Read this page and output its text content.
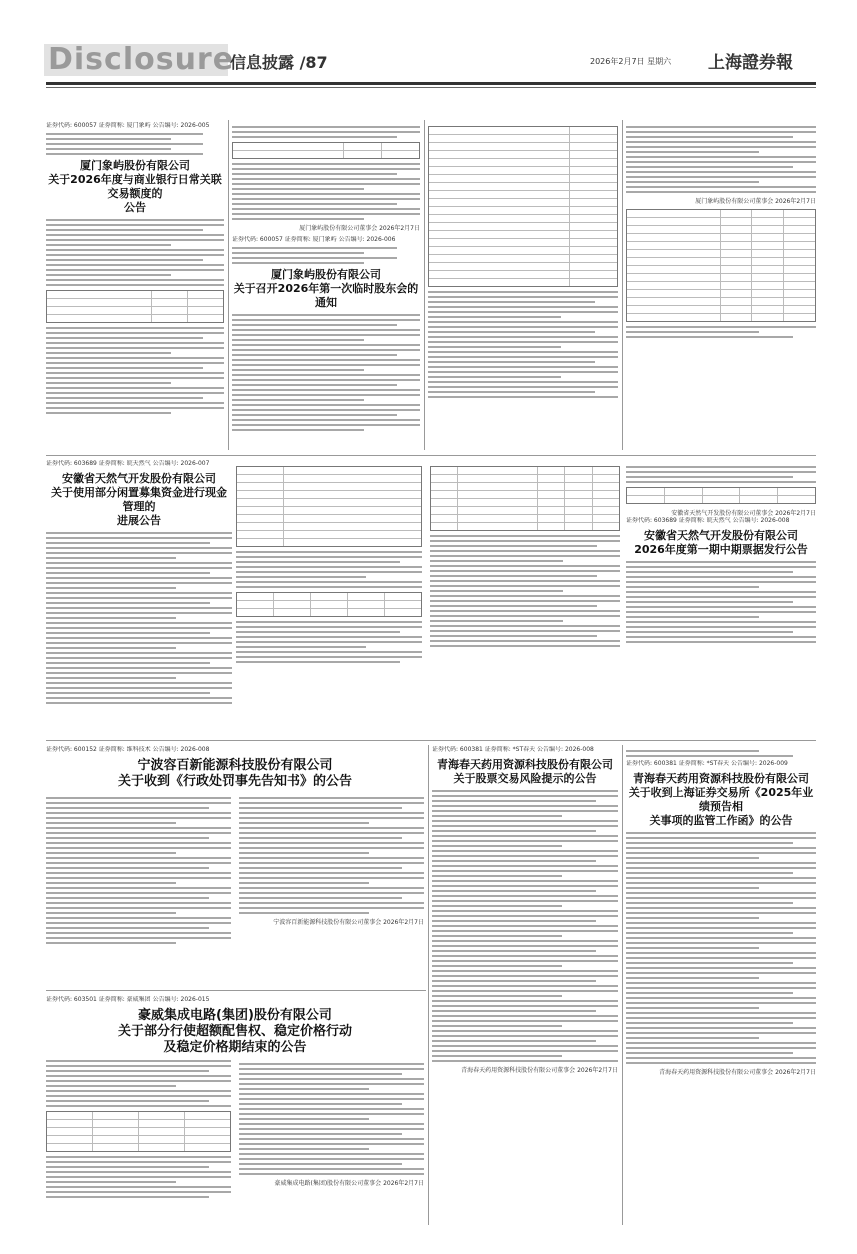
Disclosure
信息披露 /87	2026年2月7日 星期六 上海證券報
证券代码: 600057 证券简称: 厦门象屿 公告编号: 2026-005
厦门象屿股份有限公司
关于2026年度与商业银行日常关联交易额度的
公告
厦门象屿股份有限公司董事会 2026年2月7日
证券代码: 600057 证券简称: 厦门象屿 公告编号: 2026-006
厦门象屿股份有限公司
关于召开2026年第一次临时股东会的通知
厦门象屿股份有限公司董事会 2026年2月7日
证券代码: 603689 证券简称: 皖天然气 公告编号: 2026-007
安徽省天然气开发股份有限公司
关于使用部分闲置募集资金进行现金管理的
进展公告
安徽省天然气开发股份有限公司董事会 2026年2月7日
证券代码: 603689 证券简称: 皖天然气 公告编号: 2026-008
安徽省天然气开发股份有限公司
2026年度第一期中期票据发行公告
证券代码: 600152 证券简称: 维科技术 公告编号: 2026-008
宁波容百新能源科技股份有限公司
关于收到《行政处罚事先告知书》的公告
宁波容百新能源科技股份有限公司董事会 2026年2月7日
证券代码: 603501 证券简称: 豪威集团 公告编号: 2026-015
豪威集成电路(集团)股份有限公司
关于部分行使超额配售权、稳定价格行动
及稳定价格期结束的公告
豪威集成电路(集团)股份有限公司董事会 2026年2月7日
证券代码: 600381 证券简称: *ST春天 公告编号: 2026-008
青海春天药用资源科技股份有限公司
关于股票交易风险提示的公告
青海春天药用资源科技股份有限公司董事会 2026年2月7日
证券代码: 600381 证券简称: *ST春天 公告编号: 2026-009
青海春天药用资源科技股份有限公司
关于收到上海证券交易所《2025年业绩预告相
关事项的监管工作函》的公告
青海春天药用资源科技股份有限公司董事会 2026年2月7日
